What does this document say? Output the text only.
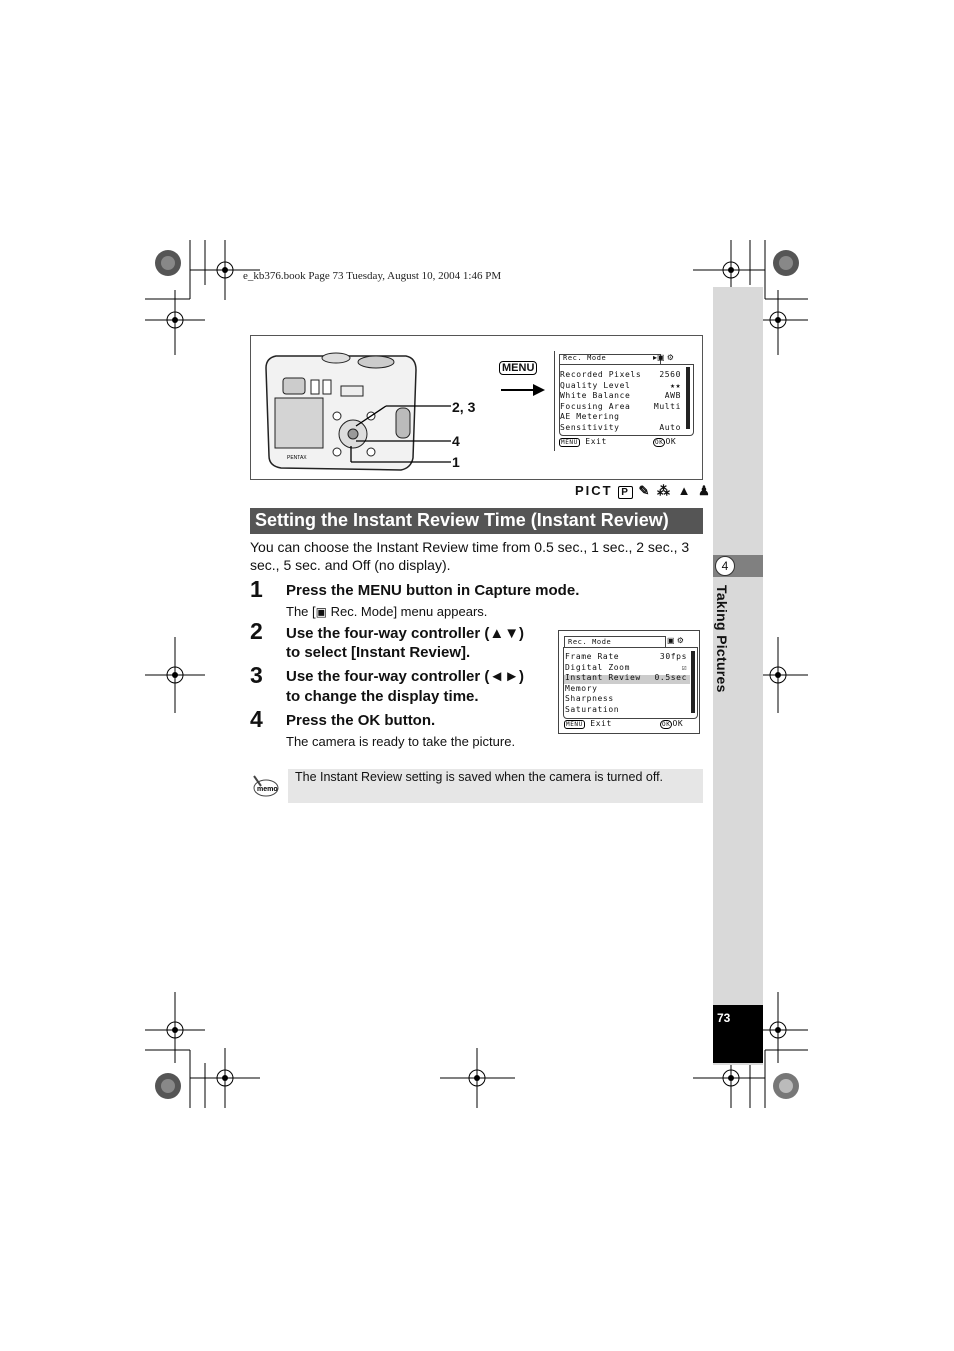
e_kb376.book Page 73 Tuesday, August 10, 2004 1:46 PM
4
Taking Pictures
73
PENTAX
2, 3
4
1
MENU
Rec. Mode	▸▣ ⚙
Recorded Pixels 2560
Quality Level	★★
White Balance	AWB
Focusing Area	Multi
AE Metering
Sensitivity	Auto
MENU Exit	OK OK
PICT P ✎ ⁂ ▲ ♟
Setting the Instant Review Time (Instant Review)
You can choose the Instant Review time from 0.5 sec., 1 sec., 2 sec., 3 sec., 5 sec. and Off (no display).
1 Press the MENU button in Capture mode.
The [▣ Rec. Mode] menu appears.
2 Use the four-way controller (▲▼)
to select [Instant Review].
3 Use the four-way controller (◄►)
to change the display time.
4 Press the OK button.
The camera is ready to take the picture.
Rec. Mode	▣ ⚙
Frame Rate	30fps
Digital Zoom	☑
Instant Review 0.5sec
Memory
Sharpness
Saturation
MENU Exit	OK OK
memo
The Instant Review setting is saved when the camera is turned off.
